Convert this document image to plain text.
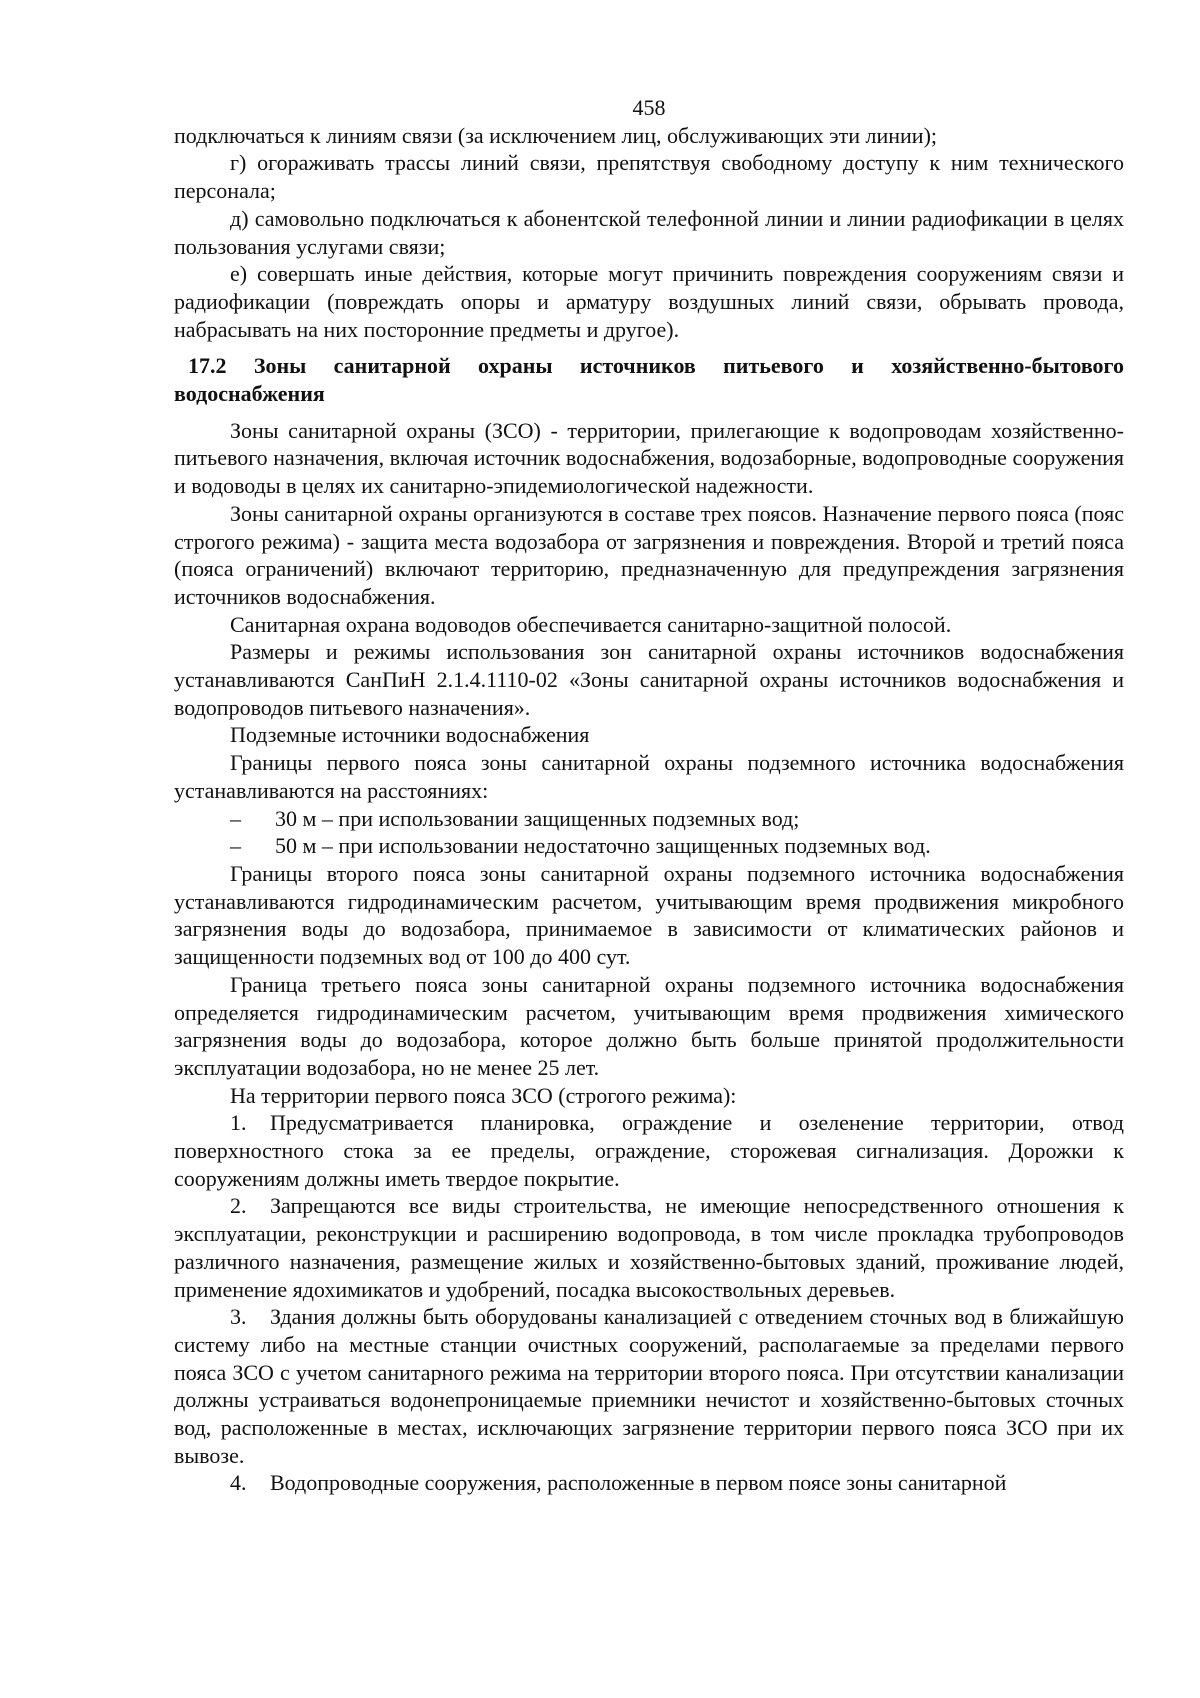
458

подключаться к линиям связи (за исключением лиц, обслуживающих эти линии);

г) огораживать трассы линий связи, препятствуя свободному доступу к ним технического персонала;

д) самовольно подключаться к абонентской телефонной линии и линии радиофикации в целях пользования услугами связи;

е) совершать иные действия, которые могут причинить повреждения сооружениям связи и радиофикации (повреждать опоры и арматуру воздушных линий связи, обрывать провода, набрасывать на них посторонние предметы и другое).

17.2 Зоны санитарной охраны источников питьевого и хозяйственно-бытового водоснабжения

Зоны санитарной охраны (ЗСО) - территории, прилегающие к водопроводам хозяйственно-питьевого назначения, включая источник водоснабжения, водозаборные, водопроводные сооружения и водоводы в целях их санитарно-эпидемиологической надежности.

Зоны санитарной охраны организуются в составе трех поясов. Назначение первого пояса (пояс строгого режима) - защита места водозабора от загрязнения и повреждения. Второй и третий пояса (пояса ограничений) включают территорию, предназначенную для предупреждения загрязнения источников водоснабжения.

Санитарная охрана водоводов обеспечивается санитарно-защитной полосой.

Размеры и режимы использования зон санитарной охраны источников водоснабжения устанавливаются СанПиН 2.1.4.1110-02 «Зоны санитарной охраны источников водоснабжения и водопроводов питьевого назначения».

Подземные источники водоснабжения

Границы первого пояса зоны санитарной охраны подземного источника водоснабжения устанавливаются на расстояниях:

– 30 м – при использовании защищенных подземных вод;

– 50 м – при использовании недостаточно защищенных подземных вод.

Границы второго пояса зоны санитарной охраны подземного источника водоснабжения устанавливаются гидродинамическим расчетом, учитывающим время продвижения микробного загрязнения воды до водозабора, принимаемое в зависимости от климатических районов и защищенности подземных вод от 100 до 400 сут.

Граница третьего пояса зоны санитарной охраны подземного источника водоснабжения определяется гидродинамическим расчетом, учитывающим время продвижения химического загрязнения воды до водозабора, которое должно быть больше принятой продолжительности эксплуатации водозабора, но не менее 25 лет.

На территории первого пояса ЗСО (строгого режима):

1. Предусматривается планировка, ограждение и озеленение территории, отвод поверхностного стока за ее пределы, ограждение, сторожевая сигнализация. Дорожки к сооружениям должны иметь твердое покрытие.

2. Запрещаются все виды строительства, не имеющие непосредственного отношения к эксплуатации, реконструкции и расширению водопровода, в том числе прокладка трубопроводов различного назначения, размещение жилых и хозяйственно-бытовых зданий, проживание людей, применение ядохимикатов и удобрений, посадка высокоствольных деревьев.

3. Здания должны быть оборудованы канализацией с отведением сточных вод в ближайшую систему либо на местные станции очистных сооружений, располагаемые за пределами первого пояса ЗСО с учетом санитарного режима на территории второго пояса. При отсутствии канализации должны устраиваться водонепроницаемые приемники нечистот и хозяйственно-бытовых сточных вод, расположенные в местах, исключающих загрязнение территории первого пояса ЗСО при их вывозе.

4. Водопроводные сооружения, расположенные в первом поясе зоны санитарной
